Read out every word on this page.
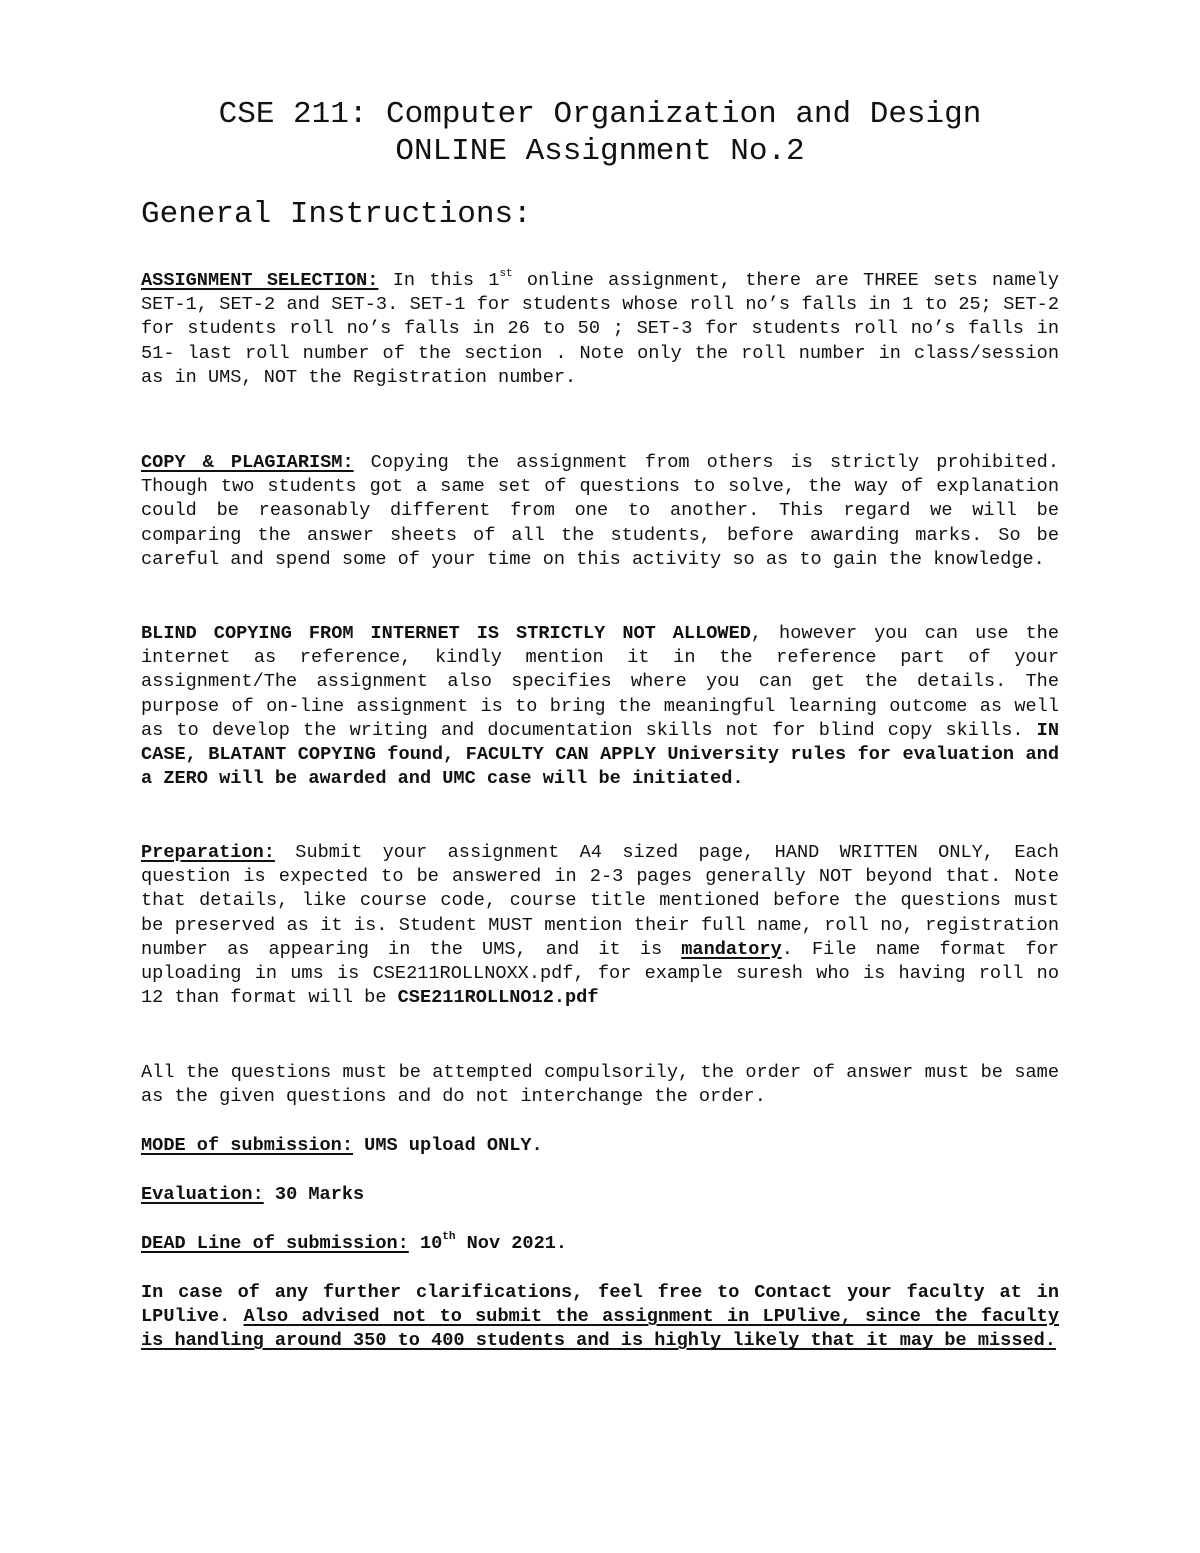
CSE 211: Computer Organization and Design
ONLINE Assignment No.2
General Instructions:
ASSIGNMENT SELECTION: In this 1st online assignment, there are THREE sets namely SET-1, SET-2 and SET-3. SET-1 for students whose roll no’s falls in 1 to 25; SET-2 for students roll no’s falls in 26 to 50 ; SET-3 for students roll no’s falls in 51- last roll number of the section . Note only the roll number in class/session as in UMS, NOT the Registration number.
COPY & PLAGIARISM: Copying the assignment from others is strictly prohibited. Though two students got a same set of questions to solve, the way of explanation could be reasonably different from one to another. This regard we will be comparing the answer sheets of all the students, before awarding marks. So be careful and spend some of your time on this activity so as to gain the knowledge.
BLIND COPYING FROM INTERNET IS STRICTLY NOT ALLOWED, however you can use the internet as reference, kindly mention it in the reference part of your assignment/The assignment also specifies where you can get the details. The purpose of on-line assignment is to bring the meaningful learning outcome as well as to develop the writing and documentation skills not for blind copy skills. IN CASE, BLATANT COPYING found, FACULTY CAN APPLY University rules for evaluation and a ZERO will be awarded and UMC case will be initiated.
Preparation: Submit your assignment A4 sized page, HAND WRITTEN ONLY, Each question is expected to be answered in 2-3 pages generally NOT beyond that. Note that details, like course code, course title mentioned before the questions must be preserved as it is. Student MUST mention their full name, roll no, registration number as appearing in the UMS, and it is mandatory. File name format for uploading in ums is CSE211ROLLNOXX.pdf, for example suresh who is having roll no 12 than format will be CSE211ROLLNO12.pdf
All the questions must be attempted compulsorily, the order of answer must be same as the given questions and do not interchange the order.
MODE of submission: UMS upload ONLY.
Evaluation: 30 Marks
DEAD Line of submission: 10th Nov 2021.
In case of any further clarifications, feel free to Contact your faculty at in LPUlive. Also advised not to submit the assignment in LPUlive, since the faculty is handling around 350 to 400 students and is highly likely that it may be missed.
